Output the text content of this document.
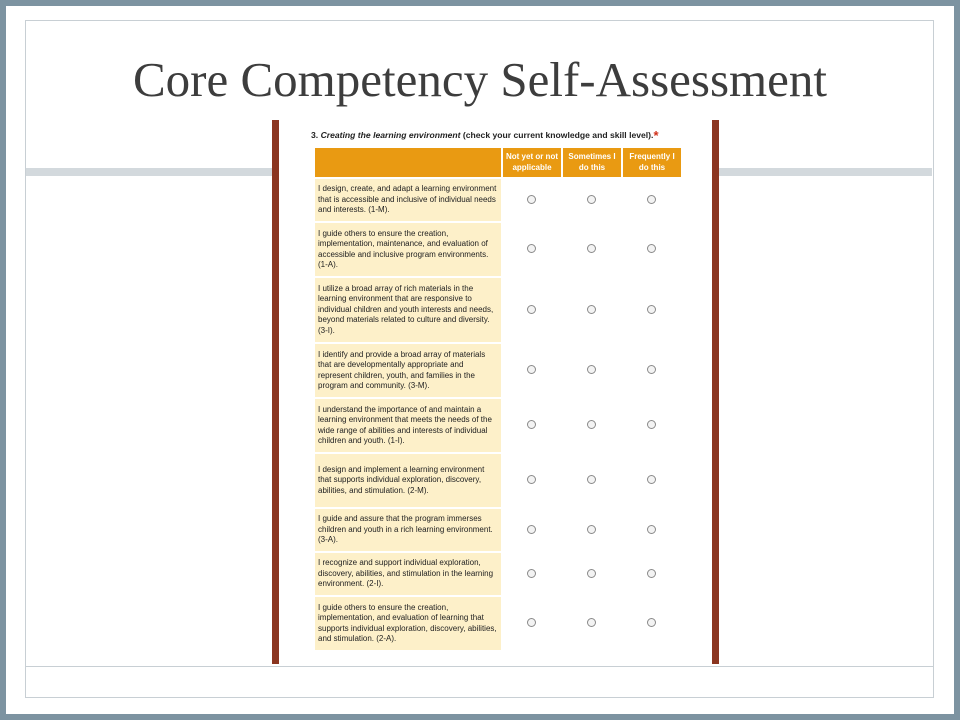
Core Competency Self-Assessment
3. Creating the learning environment (check your current knowledge and skill level).*
	Not yet or not applicable	Sometimes I do this	Frequently I do this
I design, create, and adapt a learning environment that is accessible and inclusive of individual needs and interests. (1-M).			
I guide others to ensure the creation, implementation, maintenance, and evaluation of accessible and inclusive program environments. (1-A).			
I utilize a broad array of rich materials in the learning environment that are responsive to individual children and youth interests and needs, beyond materials related to culture and diversity. (3-I).			
I identify and provide a broad array of materials that are developmentally appropriate and represent children, youth, and families in the program and community. (3-M).			
I understand the importance of and maintain a learning environment that meets the needs of the wide range of abilities and interests of individual children and youth. (1-I).			
I design and implement a learning environment that supports individual exploration, discovery, abilities, and stimulation. (2-M).			
I guide and assure that the program immerses children and youth in a rich learning environment. (3-A).			
I recognize and support individual exploration, discovery, abilities, and stimulation in the learning environment. (2-I).			
I guide others to ensure the creation, implementation, and evaluation of learning that supports individual exploration, discovery, abilities, and stimulation. (2-A).			
